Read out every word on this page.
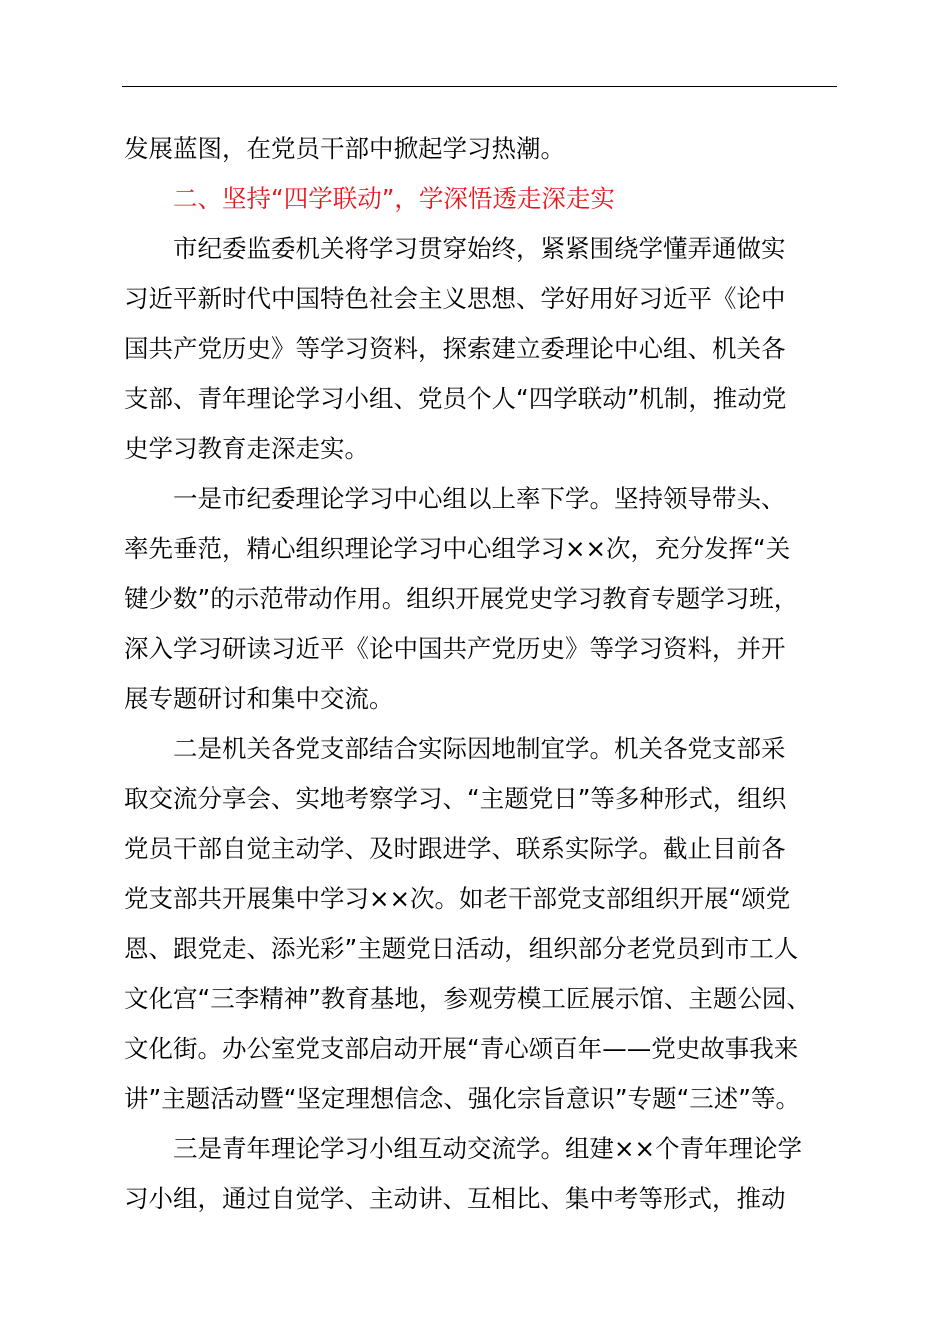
发展蓝图，在党员干部中掀起学习热潮。
二、坚持“四学联动”，学深悟透走深走实
市纪委监委机关将学习贯穿始终，紧紧围绕学懂弄通做实
习近平新时代中国特色社会主义思想、学好用好习近平《论中
国共产党历史》等学习资料，探索建立委理论中心组、机关各
支部、青年理论学习小组、党员个人“四学联动”机制，推动党
史学习教育走深走实。
一是市纪委理论学习中心组以上率下学。坚持领导带头、
率先垂范，精心组织理论学习中心组学习××次，充分发挥“关
键少数”的示范带动作用。组织开展党史学习教育专题学习班，
深入学习研读习近平《论中国共产党历史》等学习资料，并开
展专题研讨和集中交流。
二是机关各党支部结合实际因地制宜学。机关各党支部采
取交流分享会、实地考察学习、“主题党日”等多种形式，组织
党员干部自觉主动学、及时跟进学、联系实际学。截止目前各
党支部共开展集中学习××次。如老干部党支部组织开展“颂党
恩、跟党走、添光彩”主题党日活动，组织部分老党员到市工人
文化宫“三李精神”教育基地，参观劳模工匠展示馆、主题公园、
文化街。办公室党支部启动开展“青心颂百年——党史故事我来
讲”主题活动暨“坚定理想信念、强化宗旨意识”专题“三述”等。
三是青年理论学习小组互动交流学。组建××个青年理论学
习小组，通过自觉学、主动讲、互相比、集中考等形式，推动
